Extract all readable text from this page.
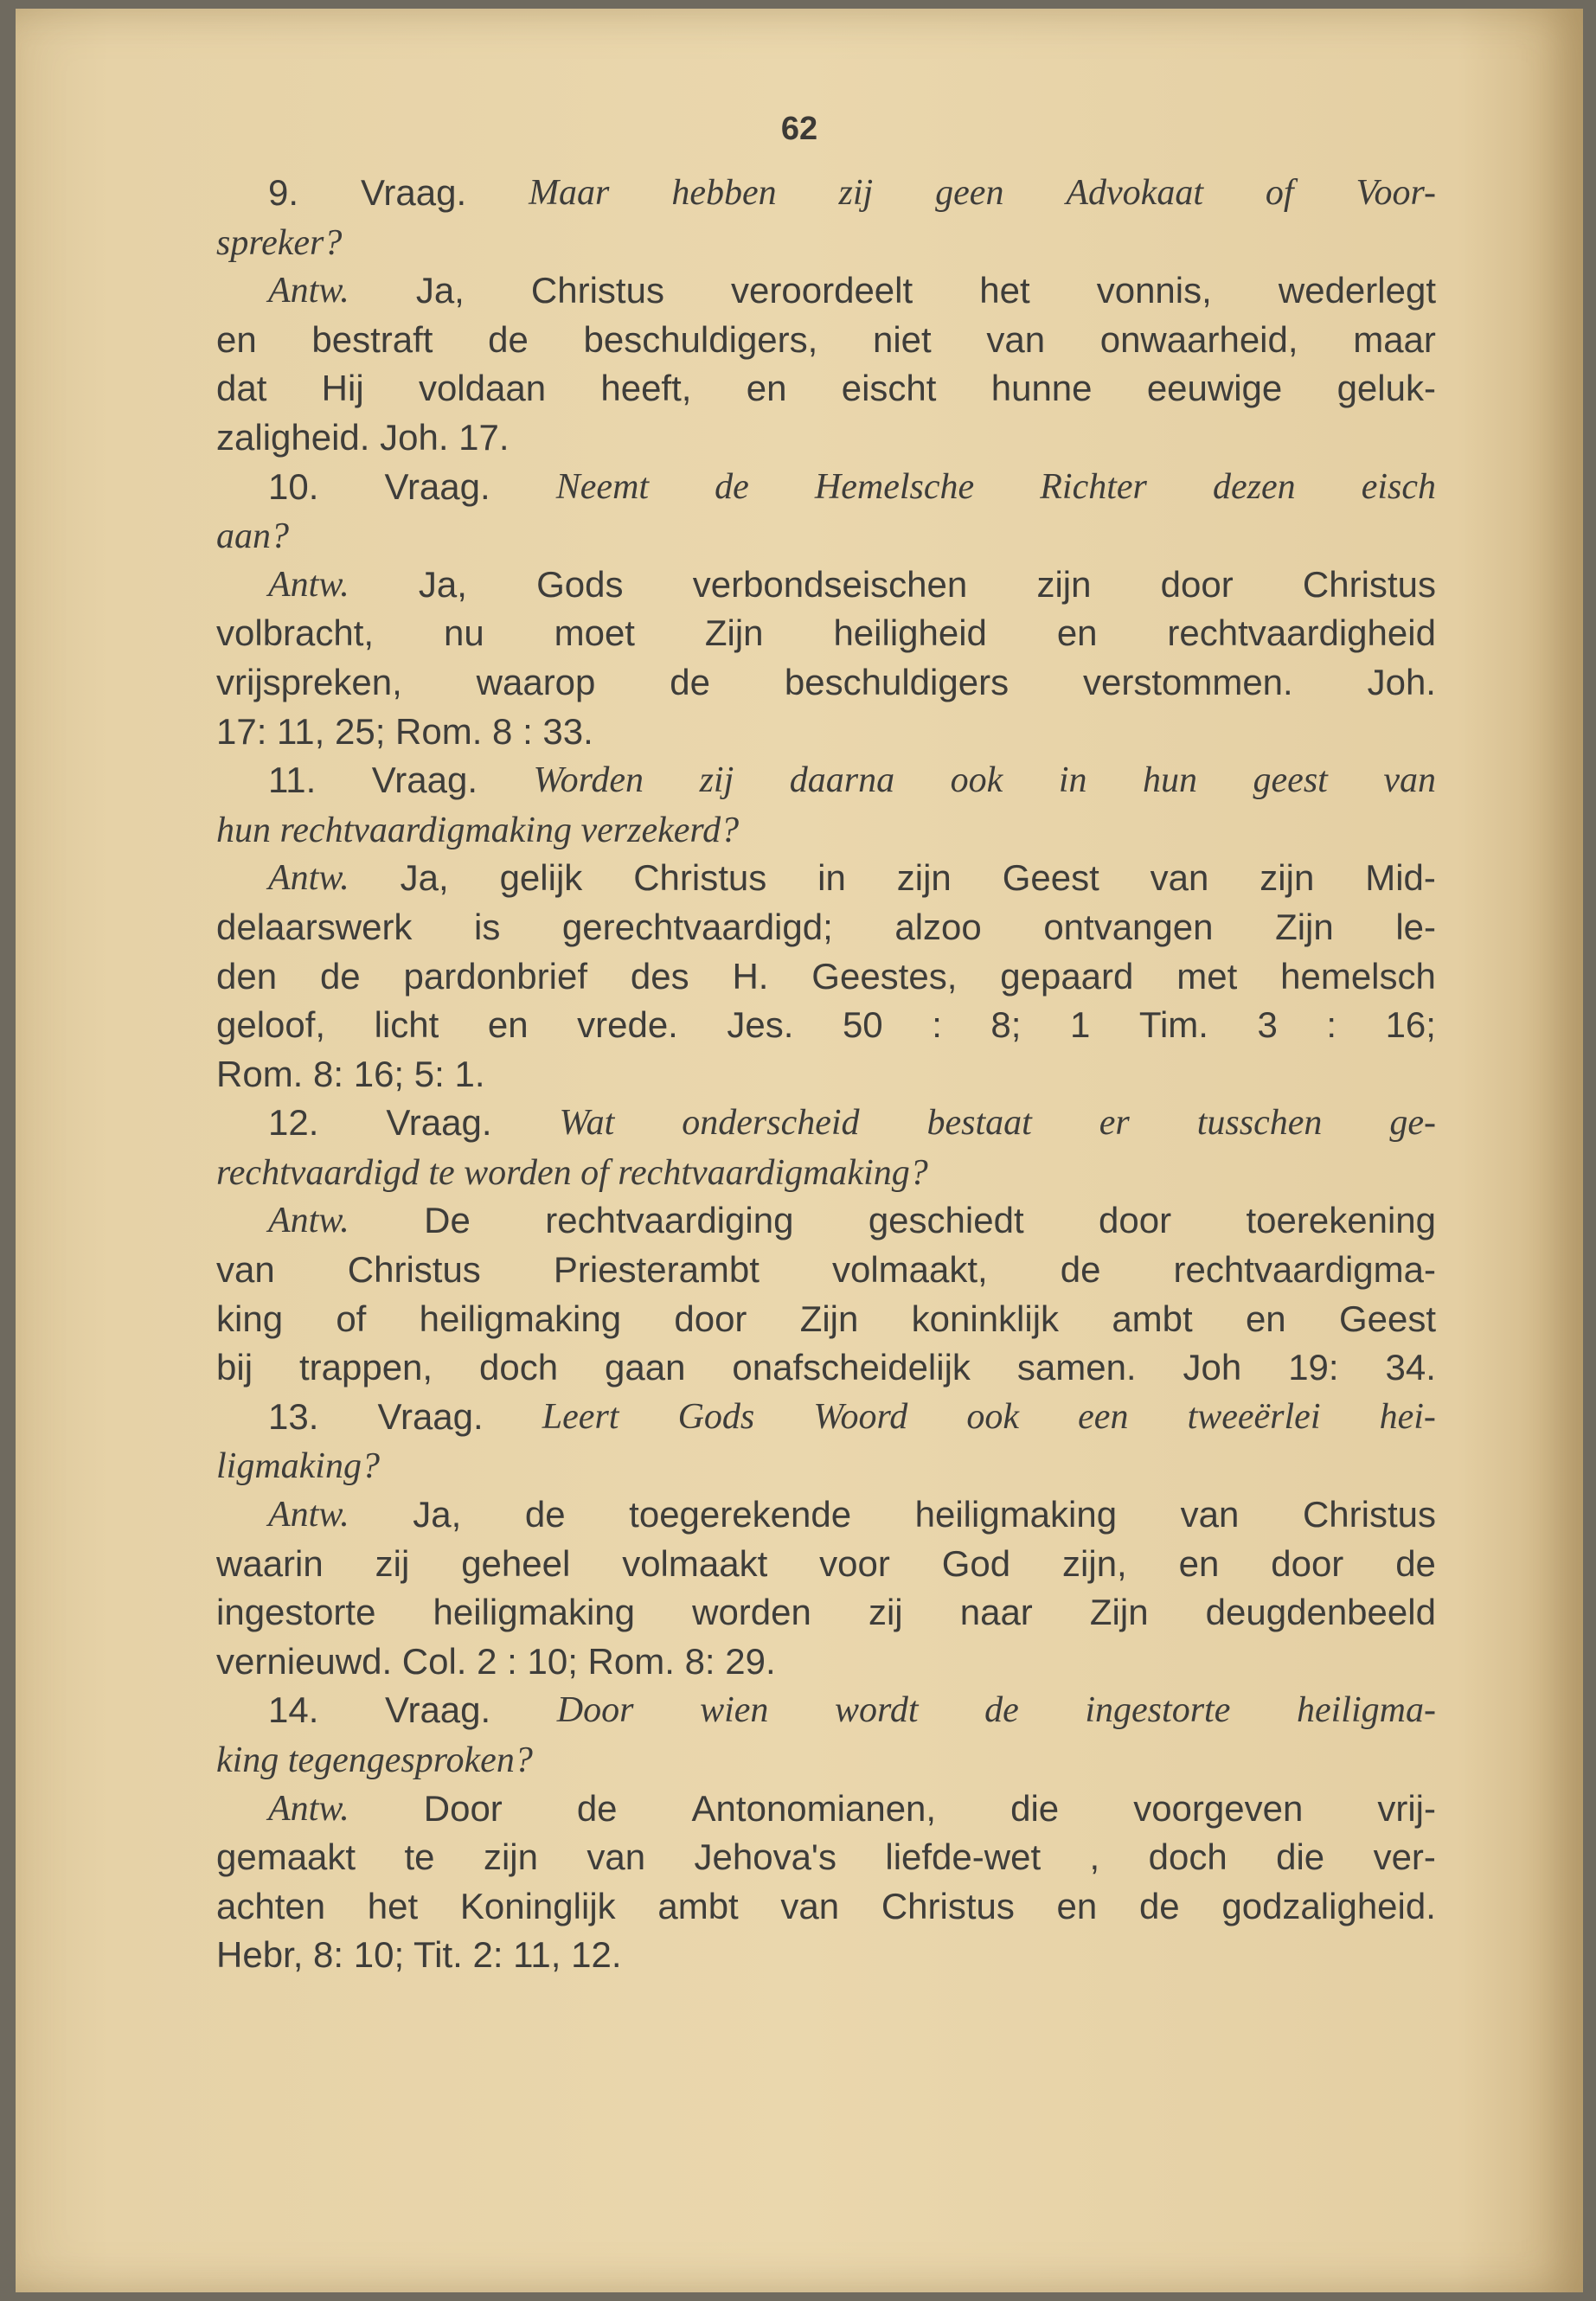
62
9. Vraag. Maar hebben zij geen Advokaat of Voor-
spreker?
Antw. Ja, Christus veroordeelt het vonnis, wederlegt
en bestraft de beschuldigers, niet van onwaarheid, maar
dat Hij voldaan heeft, en eischt hunne eeuwige geluk-
zaligheid. Joh. 17.
10. Vraag. Neemt de Hemelsche Richter dezen eisch
aan?
Antw. Ja, Gods verbondseischen zijn door Christus
volbracht, nu moet Zijn heiligheid en rechtvaardigheid
vrijspreken, waarop de beschuldigers verstommen. Joh.
17: 11, 25; Rom. 8 : 33.
11. Vraag. Worden zij daarna ook in hun geest van
hun rechtvaardigmaking verzekerd?
Antw. Ja, gelijk Christus in zijn Geest van zijn Mid-
delaarswerk is gerechtvaardigd; alzoo ontvangen Zijn le-
den de pardonbrief des H. Geestes, gepaard met hemelsch
geloof, licht en vrede. Jes. 50 : 8; 1 Tim. 3 : 16;
Rom. 8: 16; 5: 1.
12. Vraag. Wat onderscheid bestaat er tusschen ge-
rechtvaardigd te worden of rechtvaardigmaking?
Antw. De rechtvaardiging geschiedt door toerekening
van Christus Priesterambt volmaakt, de rechtvaardigma-
king of heiligmaking door Zijn koninklijk ambt en Geest
bij trappen, doch gaan onafscheidelijk samen. Joh 19: 34.
13. Vraag. Leert Gods Woord ook een tweeërlei hei-
ligmaking?
Antw. Ja, de toegerekende heiligmaking van Christus
waarin zij geheel volmaakt voor God zijn, en door de
ingestorte heiligmaking worden zij naar Zijn deugdenbeeld
vernieuwd. Col. 2 : 10; Rom. 8: 29.
14. Vraag. Door wien wordt de ingestorte heiligma-
king tegengesproken?
Antw. Door de Antonomianen, die voorgeven vrij-
gemaakt te zijn van Jehova's liefde-wet , doch die ver-
achten het Koninglijk ambt van Christus en de godzaligheid.
Hebr, 8: 10; Tit. 2: 11, 12.
